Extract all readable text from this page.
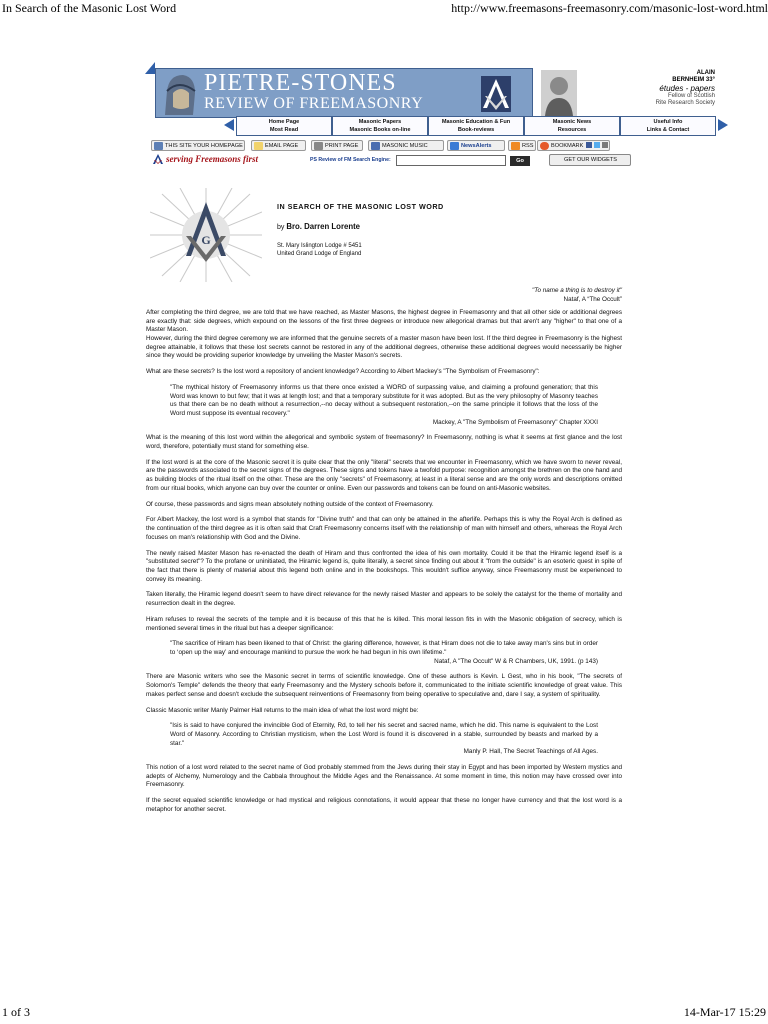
In Search of the Masonic Lost Word	http://www.freemasons-freemasonry.com/masonic-lost-word.html
1 of 3	14-Mar-17 15:29
PIETRE-STONES
REVIEW OF FREEMASONRY
ALAIN
BERNHEIM 33°
études - papers
Fellow of Scottish
Rite Research Society
Home Page
Most Read
Masonic Papers
Masonic Books on-line
Masonic Education & Fun
Book-reviews
Masonic News
Resources
Useful Info
Links & Contact
THIS SITE YOUR HOMEPAGE	EMAIL PAGE	PRINT PAGE	MASONIC MUSIC	NewsAlerts	RSS	BOOKMARK
serving Freemasons first	PS Review of FM Search Engine:	Go	GET OUR WIDGETS
G
IN SEARCH OF THE MASONIC LOST WORD
by Bro. Darren Lorente
St. Mary Islington Lodge # 5451
United Grand Lodge of England
"To name a thing is to destroy it"
Nataf, A “The Occult”

After completing the third degree, we are told that we have reached, as Master Masons, the highest degree in Freemasonry and that all other side or additional degrees are exactly that: side degrees, which expound on the lessons of the first three degrees or introduce new allegorical dramas but that aren't any "higher" to that one of a Master Mason.

However, during the third degree ceremony we are informed that the genuine secrets of a master mason have been lost. If the third degree in Freemasonry is the highest degree attainable, it follows that these lost secrets cannot be restored in any of the additional degrees, otherwise these additional degrees would necessarily be higher since they would be providing superior knowledge by unveiling the Master Mason's secrets.

What are these secrets? Is the lost word a repository of ancient knowledge? According to Albert Mackey's "The Symbolism of Freemasonry":

"The mythical history of Freemasonry informs us that there once existed a WORD of surpassing value, and claiming a profound generation; that this Word was known to but few; that it was at length lost; and that a temporary substitute for it was adopted. But as the very philosophy of Masonry teaches us that there can be no death without a resurrection,--no decay without a subsequent restoration,--on the same principle it follows that the loss of the Word must suppose its eventual recovery."

Mackey, A "The Symbolism of Freemasonry" Chapter XXXI

What is the meaning of this lost word within the allegorical and symbolic system of freemasonry? In Freemasonry, nothing is what it seems at first glance and the lost word, therefore, potentially must stand for something else.

If the lost word is at the core of the Masonic secret it is quite clear that the only "literal" secrets that we encounter in Freemasonry, which we have sworn to never reveal, are the passwords associated to the secret signs of the degrees. These signs and tokens have a twofold purpose: recognition amongst the brethren on the one hand and as building blocks of the ritual itself on the other. These are the only "secrets" of Freemasonry, at least in a literal sense and are the only words and descriptions omitted from our ritual books, which anyone can buy over the counter or online. Even our passwords and tokens can be found on anti-Masonic websites.

Of course, these passwords and signs mean absolutely nothing outside of the context of Freemasonry.

For Albert Mackey, the lost word is a symbol that stands for "Divine truth" and that can only be attained in the afterlife. Perhaps this is why the Royal Arch is defined as the continuation of the third degree as it is often said that Craft Freemasonry concerns itself with the relationship of man with himself and others, whereas the Royal Arch focuses on man's relationship with God and the Divine.

The newly raised Master Mason has re-enacted the death of Hiram and thus confronted the idea of his own mortality. Could it be that the Hiramic legend itself is a "substituted secret"? To the profane or uninitiated, the Hiramic legend is, quite literally, a secret since finding out about it "from the outside" is an esoteric quest in spite of the fact that there is plenty of material about this legend both online and in the bookshops. This wouldn't suffice anyway, since Freemasonry must be experienced to convey its meaning.

Taken literally, the Hiramic legend doesn't seem to have direct relevance for the newly raised Master and appears to be solely the catalyst for the theme of mortality and resurrection dealt in the degree.

Hiram refuses to reveal the secrets of the temple and it is because of this that he is killed. This moral lesson fits in with the Masonic obligation of secrecy, which is mentioned several times in the ritual but has a deeper significance:

"The sacrifice of Hiram has been likened to that of Christ: the glaring difference, however, is that Hiram does not die to take away man's sins but in order to ‘open up the way’ and encourage mankind to pursue the work he had begun in his own lifetime."

Nataf, A "The Occult" W & R Chambers, UK, 1991. (p 143)

There are Masonic writers who see the Masonic secret in terms of scientific knowledge. One of these authors is Kevin. L Gest, who in his book, "The secrets of Solomon's Temple" defends the theory that early Freemasonry and the Mystery schools before it, communicated to the initiate scientific knowledge of great value. This makes perfect sense and doesn't exclude the subsequent reinventions of Freemasonry from being operative to speculative and, dare I say, a system of spirituality.

Classic Masonic writer Manly Palmer Hall returns to the main idea of what the lost word might be:

"Isis is said to have conjured the invincible God of Eternity, Rd, to tell her his secret and sacred name, which he did. This name is equivalent to the Lost Word of Masonry. According to Christian mysticism, when the Lost Word is found it is discovered in a stable, surrounded by beasts and marked by a star."

Manly P. Hall, The Secret Teachings of All Ages.

This notion of a lost word related to the secret name of God probably stemmed from the Jews during their stay in Egypt and has been imported by Western mystics and adepts of Alchemy, Numerology and the Cabbala throughout the Middle Ages and the Renaissance. At some moment in time, this notion may have crossed over into Freemasonry.

If the secret equaled scientific knowledge or had mystical and religious connotations, it would appear that these no longer have currency and that the lost word is a metaphor for another secret.
